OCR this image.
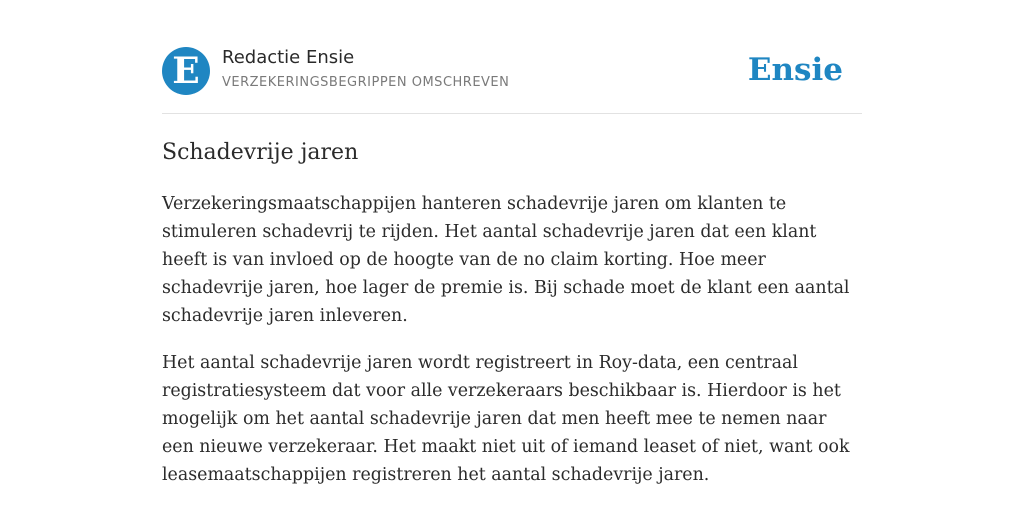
E	Redactie Ensie
VERZEKERINGSBEGRIPPEN OMSCHREVEN	Ensie
Schadevrije jaren

Verzekeringsmaatschappijen hanteren schadevrije jaren om klanten te stimuleren schadevrij te rijden. Het aantal schadevrije jaren dat een klant heeft is van invloed op de hoogte van de no claim korting. Hoe meer schadevrije jaren, hoe lager de premie is. Bij schade moet de klant een aantal schadevrije jaren inleveren.

Het aantal schadevrije jaren wordt registreert in Roy-data, een centraal registratiesysteem dat voor alle verzekeraars beschikbaar is. Hierdoor is het mogelijk om het aantal schadevrije jaren dat men heeft mee te nemen naar een nieuwe verzekeraar. Het maakt niet uit of iemand leaset of niet, want ook leasemaatschappijen registreren het aantal schadevrije jaren.
